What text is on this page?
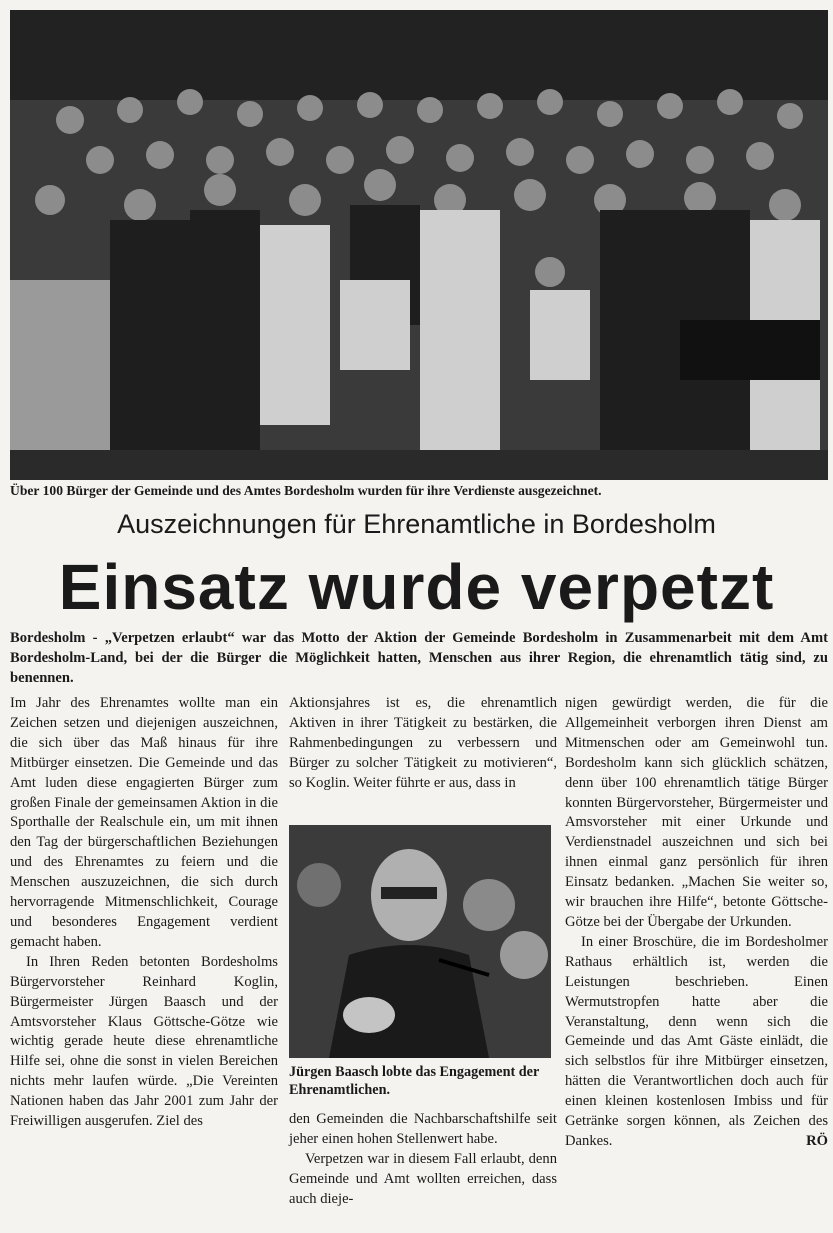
Über 100 Bürger der Gemeinde und des Amtes Bordesholm wurden für ihre Verdienste ausgezeichnet.
Auszeichnungen für Ehrenamtliche in Bordesholm
Einsatz wurde verpetzt
Bordesholm - „Verpetzen erlaubt“ war das Motto der Aktion der Gemeinde Bordesholm in Zusammenarbeit mit dem Amt Bordesholm-Land, bei der die Bürger die Möglichkeit hatten, Menschen aus ihrer Region, die ehrenamtlich tätig sind, zu benennen.

Im Jahr des Ehrenamtes wollte man ein Zeichen setzen und diejenigen auszeichnen, die sich über das Maß hinaus für ihre Mitbürger einsetzen. Die Gemeinde und das Amt luden diese engagierten Bürger zum großen Finale der gemeinsamen Aktion in die Sporthalle der Realschule ein, um mit ihnen den Tag der bürgerschaftlichen Beziehungen und des Ehrenamtes zu feiern und die Menschen auszuzeichnen, die sich durch hervorragende Mitmenschlichkeit, Courage und besonderes Engagement verdient gemacht haben.

In Ihren Reden betonten Bordesholms Bürgervorsteher Reinhard Koglin, Bürgermeister Jürgen Baasch und der Amtsvorsteher Klaus Göttsche-Götze wie wichtig gerade heute diese ehrenamtliche Hilfe sei, ohne die sonst in vielen Bereichen nichts mehr laufen würde. „Die Vereinten Nationen haben das Jahr 2001 zum Jahr der Freiwilligen ausgerufen. Ziel des

Aktionsjahres ist es, die ehrenamtlich Aktiven in ihrer Tätigkeit zu bestärken, die Rahmenbedingungen zu verbessern und Bürger zu solcher Tätigkeit zu motivieren“, so Koglin. Weiter führte er aus, dass in

Jürgen Baasch lobte das Engagement der Ehrenamtlichen.

den Gemeinden die Nachbarschaftshilfe seit jeher einen hohen Stellenwert habe.

Verpetzen war in diesem Fall erlaubt, denn Gemeinde und Amt wollten erreichen, dass auch dieje-

nigen gewürdigt werden, die für die Allgemeinheit verborgen ihren Dienst am Mitmenschen oder am Gemeinwohl tun. Bordesholm kann sich glücklich schätzen, denn über 100 ehrenamtlich tätige Bürger konnten Bürgervorsteher, Bürgermeister und Amsvorsteher mit einer Urkunde und Verdienstnadel auszeichnen und sich bei ihnen einmal ganz persönlich für ihren Einsatz bedanken. „Machen Sie weiter so, wir brauchen ihre Hilfe“, betonte Göttsche-Götze bei der Übergabe der Urkunden.

In einer Broschüre, die im Bordesholmer Rathaus erhältlich ist, werden die Leistungen beschrieben. Einen Wermutstropfen hatte aber die Veranstaltung, denn wenn sich die Gemeinde und das Amt Gäste einlädt, die sich selbstlos für ihre Mitbürger einsetzen, hätten die Verantwortlichen doch auch für einen kleinen kostenlosen Imbiss und für Getränke sorgen können, als Zeichen des Dankes.	RÖ
